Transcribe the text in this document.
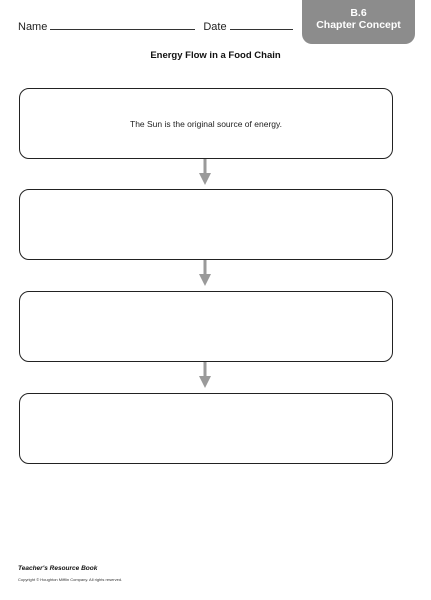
Name	Date
B.6
Chapter Concept
Energy Flow in a Food Chain
The Sun is the original source of energy.
Teacher's Resource Book
Copyright © Houghton Mifflin Company. All rights reserved.
